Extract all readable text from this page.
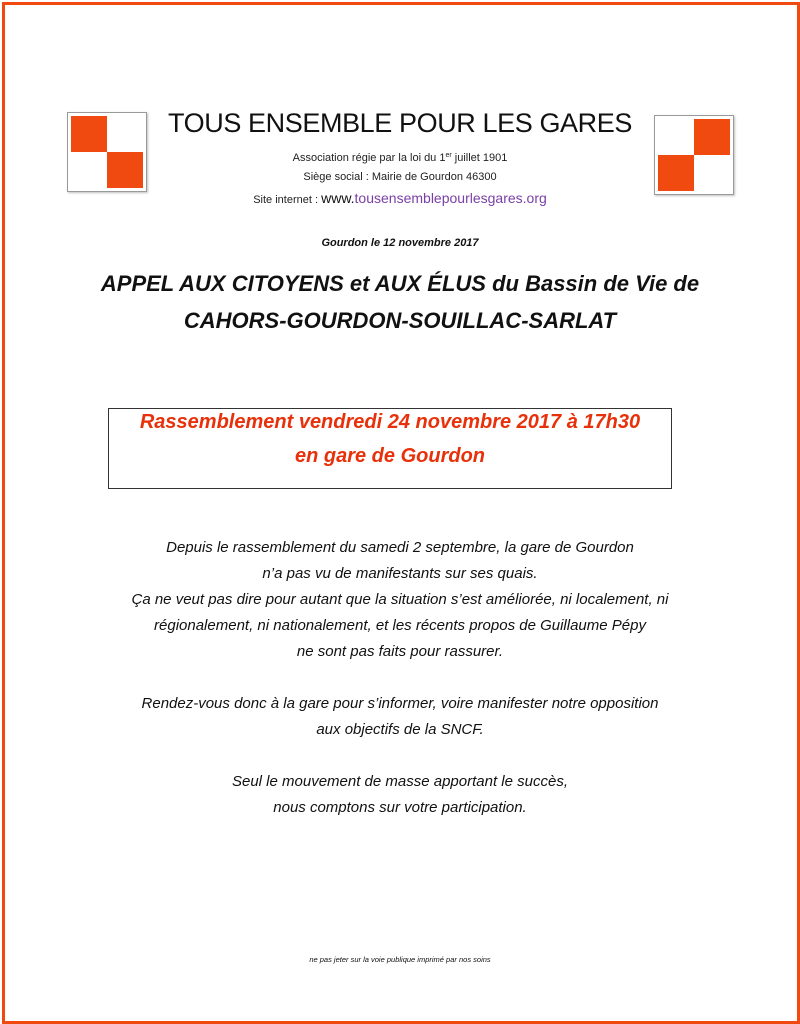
TOUS ENSEMBLE POUR LES GARES
Association régie par la loi du 1er juillet 1901
Siège social : Mairie de Gourdon 46300
Site internet : www.tousensemblepourlesgares.org
Gourdon le 12 novembre 2017
APPEL AUX CITOYENS et AUX ÉLUS du Bassin de Vie de
CAHORS-GOURDON-SOUILLAC-SARLAT
Rassemblement vendredi 24 novembre 2017 à 17h30
en gare de Gourdon
Depuis le rassemblement du samedi 2 septembre, la gare de Gourdon
n’a pas vu de manifestants sur ses quais.
Ça ne veut pas dire pour autant que la situation s’est améliorée, ni localement, ni
régionalement, ni nationalement, et les récents propos de Guillaume Pépy
ne sont pas faits pour rassurer.
Rendez-vous donc à la gare pour s’informer, voire manifester notre opposition
aux objectifs de la SNCF.
Seul le mouvement de masse apportant le succès,
nous comptons sur votre participation.
ne pas jeter sur la voie publique imprimé par nos soins
